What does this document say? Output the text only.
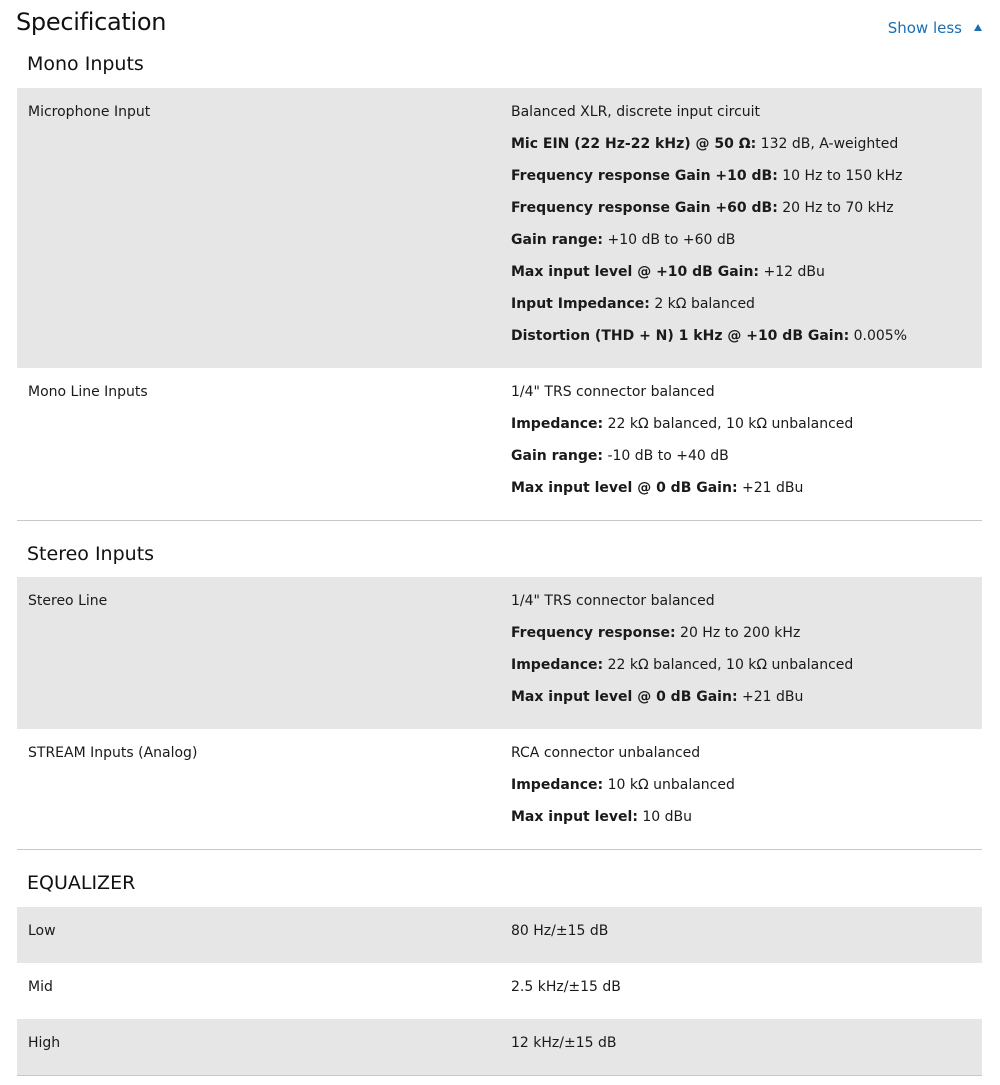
Specification	Show less
Mono Inputs
Microphone Input	Balanced XLR, discrete input circuit
Mic EIN (22 Hz-22 kHz) @ 50 Ω: 132 dB, A-weighted
Frequency response Gain +10 dB: 10 Hz to 150 kHz
Frequency response Gain +60 dB: 20 Hz to 70 kHz
Gain range: +10 dB to +60 dB
Max input level @ +10 dB Gain: +12 dBu
Input Impedance: 2 kΩ balanced
Distortion (THD + N) 1 kHz @ +10 dB Gain: 0.005%
Mono Line Inputs	1/4" TRS connector balanced
Impedance: 22 kΩ balanced, 10 kΩ unbalanced
Gain range: -10 dB to +40 dB
Max input level @ 0 dB Gain: +21 dBu
Stereo Inputs
Stereo Line	1/4" TRS connector balanced
Frequency response: 20 Hz to 200 kHz
Impedance: 22 kΩ balanced, 10 kΩ unbalanced
Max input level @ 0 dB Gain: +21 dBu
STREAM Inputs (Analog)	RCA connector unbalanced
Impedance: 10 kΩ unbalanced
Max input level: 10 dBu
EQUALIZER
Low	80 Hz/±15 dB
Mid	2.5 kHz/±15 dB
High	12 kHz/±15 dB
